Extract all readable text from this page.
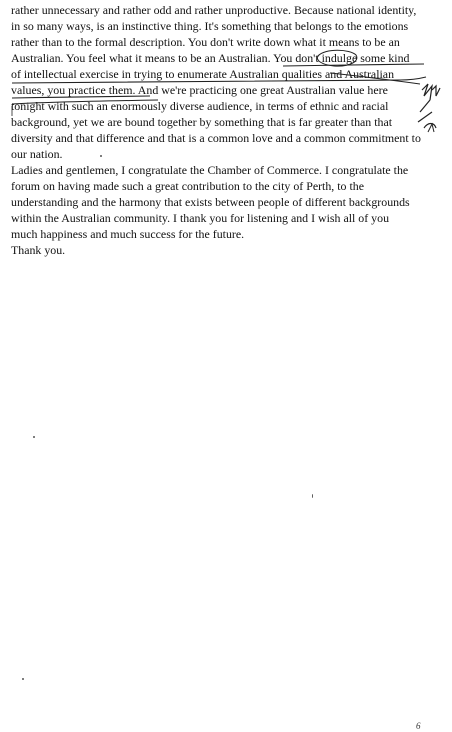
rather unnecessary and rather odd and rather unproductive. Because national identity,
in so many ways, is an instinctive thing. It's something that belongs to the emotions
rather than to the formal description. You don't write down what it means to be an
Australian. You feel what it means to be an Australian. You don't indulge some kind
of intellectual exercise in trying to enumerate Australian qualities and Australian
values, you practice them. And we're practicing one great Australian value here
tonight with such an enormously diverse audience, in terms of ethnic and racial
background, yet we are bound together by something that is far greater than that
diversity and that difference and that is a common love and a common commitment to
our nation.
Ladies and gentlemen, I congratulate the Chamber of Commerce. I congratulate the
forum on having made such a great contribution to the city of Perth, to the
understanding and the harmony that exists between people of different backgrounds
within the Australian community. I thank you for listening and I wish all of you
much happiness and much success for the future.
Thank you.
6
